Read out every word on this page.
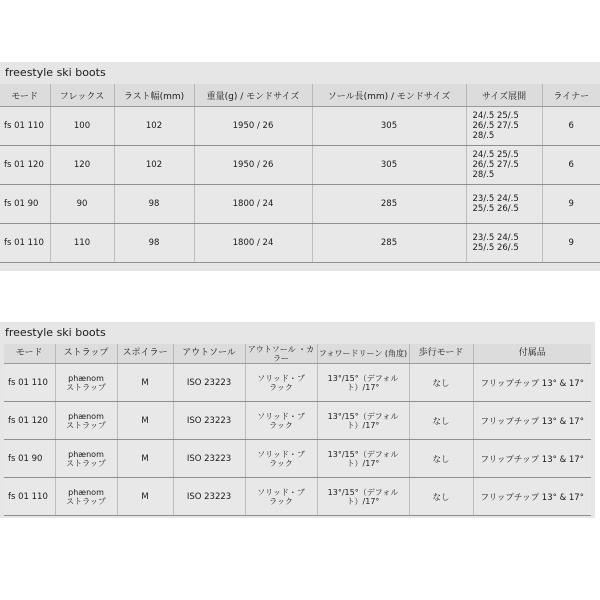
freestyle ski boots
モード	フレックス	ラスト幅(mm)	重量(g) / モンドサイズ	ソール長(mm) / モンドサイズ	サイズ展開	ライナー
fs 01 110	100	102	1950 / 26	305	24/.5 25/.5
26/.5 27/.5
28/.5	6
fs 01 120	120	102	1950 / 26	305	24/.5 25/.5
26/.5 27/.5
28/.5	6
fs 01 90	90	98	1800 / 24	285	23/.5 24/.5
25/.5 26/.5	9
fs 01 110	110	98	1800 / 24	285	23/.5 24/.5
25/.5 26/.5	9
freestyle ski boots
モード	ストラップ	スポイラー	アウトソール	アウトソール ・カラー	フォワードリーン (角度)	歩行モード	付属品
fs 01 110	phænom
ストラップ	M	ISO 23223	ソリッド・ブ
ラック	13°/15°（デフォル
ト）/17°	なし	フリップチップ 13° & 17°
fs 01 120	phænom
ストラップ	M	ISO 23223	ソリッド・ブ
ラック	13°/15°（デフォル
ト）/17°	なし	フリップチップ 13° & 17°
fs 01 90	phænom
ストラップ	M	ISO 23223	ソリッド・ブ
ラック	13°/15°（デフォル
ト）/17°	なし	フリップチップ 13° & 17°
fs 01 110	phænom
ストラップ	M	ISO 23223	ソリッド・ブ
ラック	13°/15°（デフォル
ト）/17°	なし	フリップチップ 13° & 17°
